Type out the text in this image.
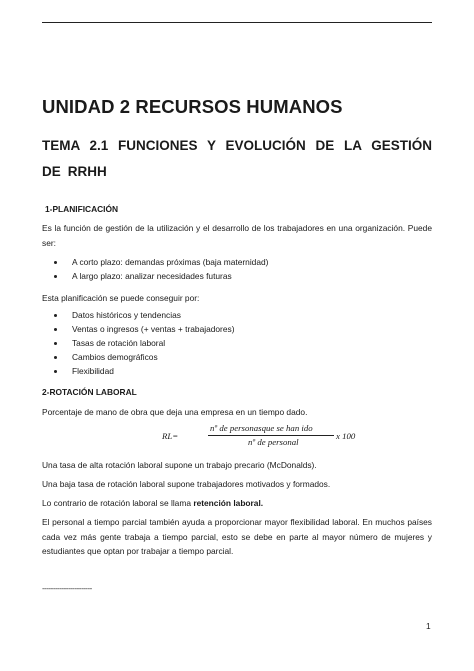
UNIDAD 2 RECURSOS HUMANOS
TEMA 2.1 FUNCIONES Y EVOLUCIÓN DE LA GESTIÓN DE RRHH
1-PLANIFICACIÓN
Es la función de gestión de la utilización y el desarrollo de los trabajadores en una organización. Puede ser:
A corto plazo: demandas próximas (baja maternidad)
A largo plazo: analizar necesidades futuras
Esta planificación se puede conseguir por:
Datos históricos y tendencias
Ventas o ingresos (+ ventas + trabajadores)
Tasas de rotación laboral
Cambios demográficos
Flexibilidad
2-ROTACIÓN LABORAL
Porcentaje de mano de obra que deja una empresa en un tiempo dado.
RL=
nº de personasque se han ido
nº de personal
x 100
Una tasa de alta rotación laboral supone un trabajo precario (McDonalds).
Una baja tasa de rotación laboral supone trabajadores motivados y formados.
Lo contrario de rotación laboral se llama retención laboral.
El personal a tiempo parcial también ayuda a proporcionar mayor flexibilidad laboral. En muchos países cada vez más gente trabaja a tiempo parcial, esto se debe en parte al mayor número de mujeres y estudiantes que optan por trabajar a tiempo parcial.
-----------------------
1
